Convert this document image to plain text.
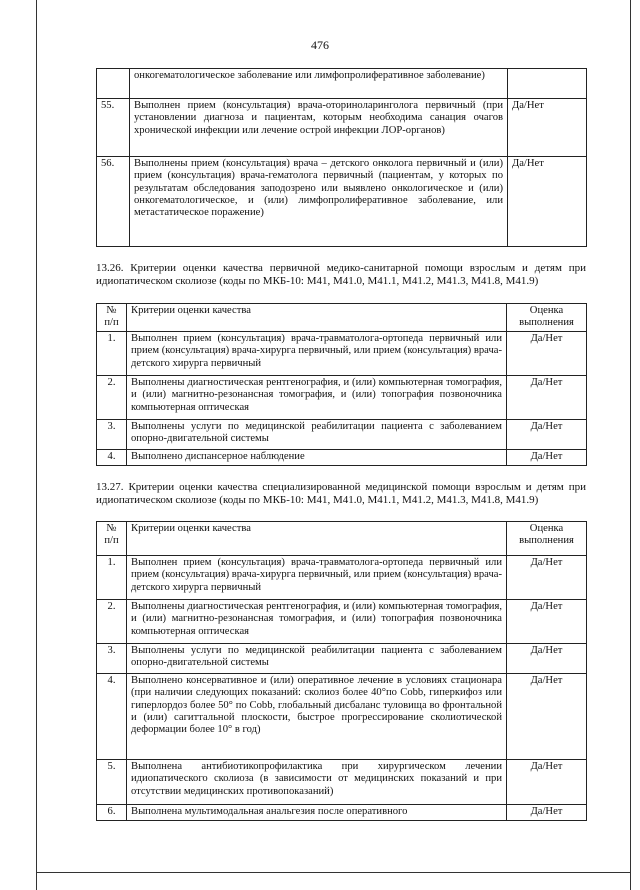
476
	онкогематологическое заболевание или лимфопролиферативное заболевание)	
55.	Выполнен прием (консультация) врача-оториноларинголога первичный (при установлении диагноза и пациентам, которым необходима санация очагов хронической инфекции или лечение острой инфекции ЛОР-органов)	Да/Нет
56.	Выполнены прием (консультация) врача – детского онколога первичный и (или) прием (консультация) врача-гематолога первичный (пациентам, у которых по результатам обследования заподозрено или выявлено онкологическое и (или) онкогематологическое, и (или) лимфопролиферативное заболевание, или метастатическое поражение)	Да/Нет
13.26. Критерии оценки качества первичной медико-санитарной помощи взрослым и детям при идиопатическом сколиозе (коды по МКБ-10: M41, M41.0, M41.1, M41.2, M41.3, M41.8, M41.9)
№ п/п	Критерии оценки качества	Оценка выполнения
1.	Выполнен прием (консультация) врача-травматолога-ортопеда первичный или прием (консультация) врача-хирурга первичный, или прием (консультация) врача-детского хирурга первичный	Да/Нет
2.	Выполнены диагностическая рентгенография, и (или) компьютерная томография, и (или) магнитно-резонансная томография, и (или) топография позвоночника компьютерная оптическая	Да/Нет
3.	Выполнены услуги по медицинской реабилитации пациента с заболеванием опорно-двигательной системы	Да/Нет
4.	Выполнено диспансерное наблюдение	Да/Нет
13.27. Критерии оценки качества специализированной медицинской помощи взрослым и детям при идиопатическом сколиозе (коды по МКБ-10: M41, M41.0, M41.1, M41.2, M41.3, M41.8, M41.9)
№ п/п	Критерии оценки качества	Оценка выполнения
1.	Выполнен прием (консультация) врача-травматолога-ортопеда первичный или прием (консультация) врача-хирурга первичный, или прием (консультация) врача-детского хирурга первичный	Да/Нет
2.	Выполнены диагностическая рентгенография, и (или) компьютерная томография, и (или) магнитно-резонансная томография, и (или) топография позвоночника компьютерная оптическая	Да/Нет
3.	Выполнены услуги по медицинской реабилитации пациента с заболеванием опорно-двигательной системы	Да/Нет
4.	Выполнено консервативное и (или) оперативное лечение в условиях стационара (при наличии следующих показаний: сколиоз более 40°по Cobb, гиперкифоз или гиперлордоз более 50° по Cobb, глобальный дисбаланс туловища во фронтальной и (или) сагиттальной плоскости, быстрое прогрессирование сколиотической деформации более 10° в год)	Да/Нет
5.	Выполнена антибиотикопрофилактика при хирургическом лечении идиопатического сколиоза (в зависимости от медицинских показаний и при отсутствии медицинских противопоказаний)	Да/Нет
6.	Выполнена мультимодальная анальгезия после оперативного	Да/Нет
